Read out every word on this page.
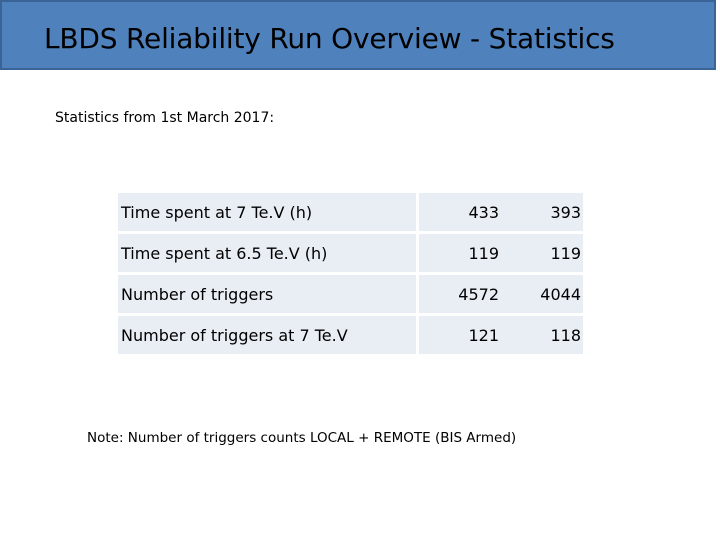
LBDS Reliability Run Overview - Statistics
Statistics from 1st March 2017:
Time spent at 7 Te.V (h)		433	393
Time spent at 6.5 Te.V (h)		119	119
Number of triggers		4572	4044
Number of triggers at 7 Te.V		121	118
Note: Number of triggers counts LOCAL + REMOTE (BIS Armed)
